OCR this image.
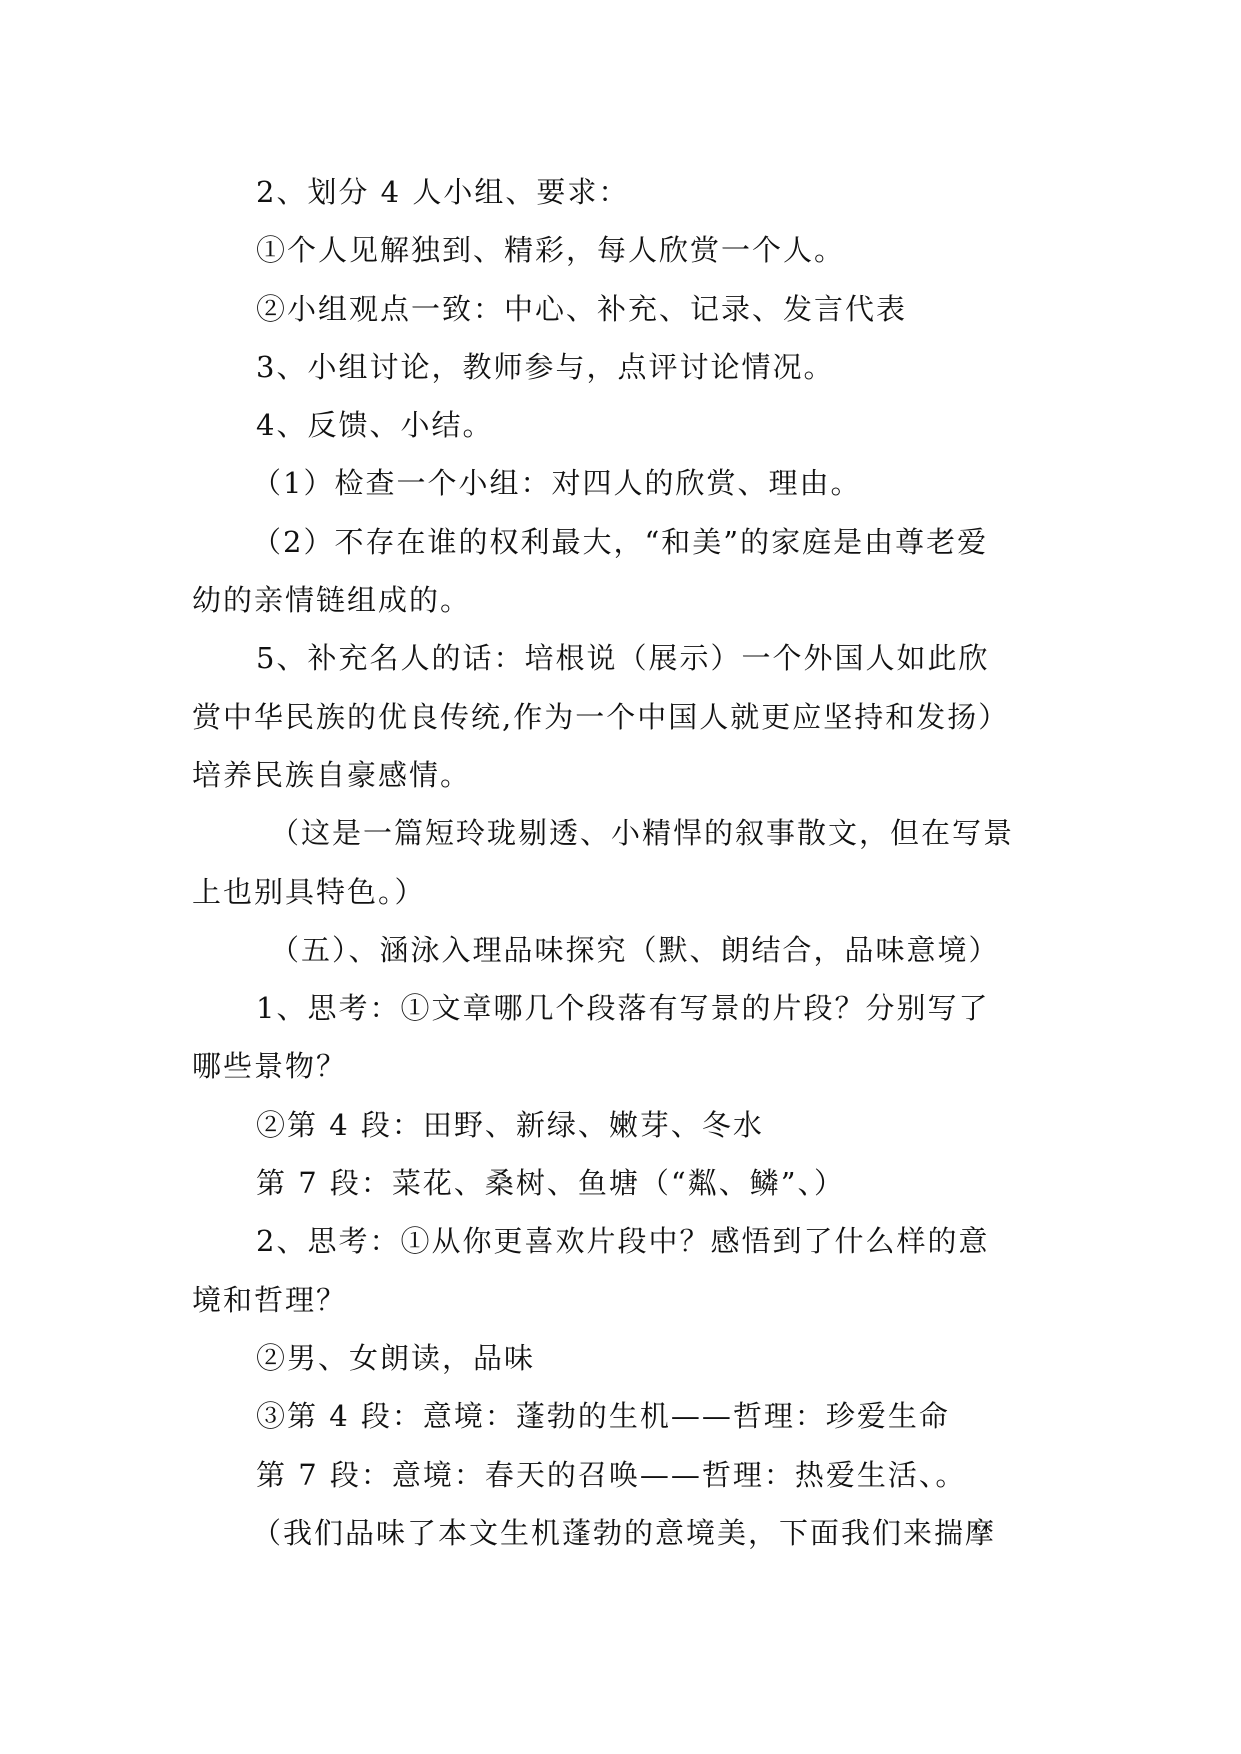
2、划分 4 人小组、要求：
①个人见解独到、精彩，每人欣赏一个人。
②小组观点一致：中心、补充、记录、发言代表
3、小组讨论，教师参与，点评讨论情况。
4、反馈、小结。
（1）检查一个小组：对四人的欣赏、理由。
（2）不存在谁的权利最大，“和美”的家庭是由尊老爱
幼的亲情链组成的。
5、补充名人的话：培根说（展示）一个外国人如此欣
赏中华民族的优良传统,作为一个中国人就更应坚持和发扬）
培养民族自豪感情。
（这是一篇短玲珑剔透、小精悍的叙事散文，但在写景
上也别具特色。）
（五）、涵泳入理品味探究（默、朗结合，品味意境）
1、思考：①文章哪几个段落有写景的片段？分别写了
哪些景物？
②第 4 段：田野、新绿、嫩芽、冬水
第 7 段：菜花、桑树、鱼塘（“粼、鳞”、）
2、思考：①从你更喜欢片段中？感悟到了什么样的意
境和哲理？
②男、女朗读，品味
③第 4 段：意境：蓬勃的生机——哲理：珍爱生命
第 7 段：意境：春天的召唤——哲理：热爱生活、。
（我们品味了本文生机蓬勃的意境美，下面我们来揣摩
